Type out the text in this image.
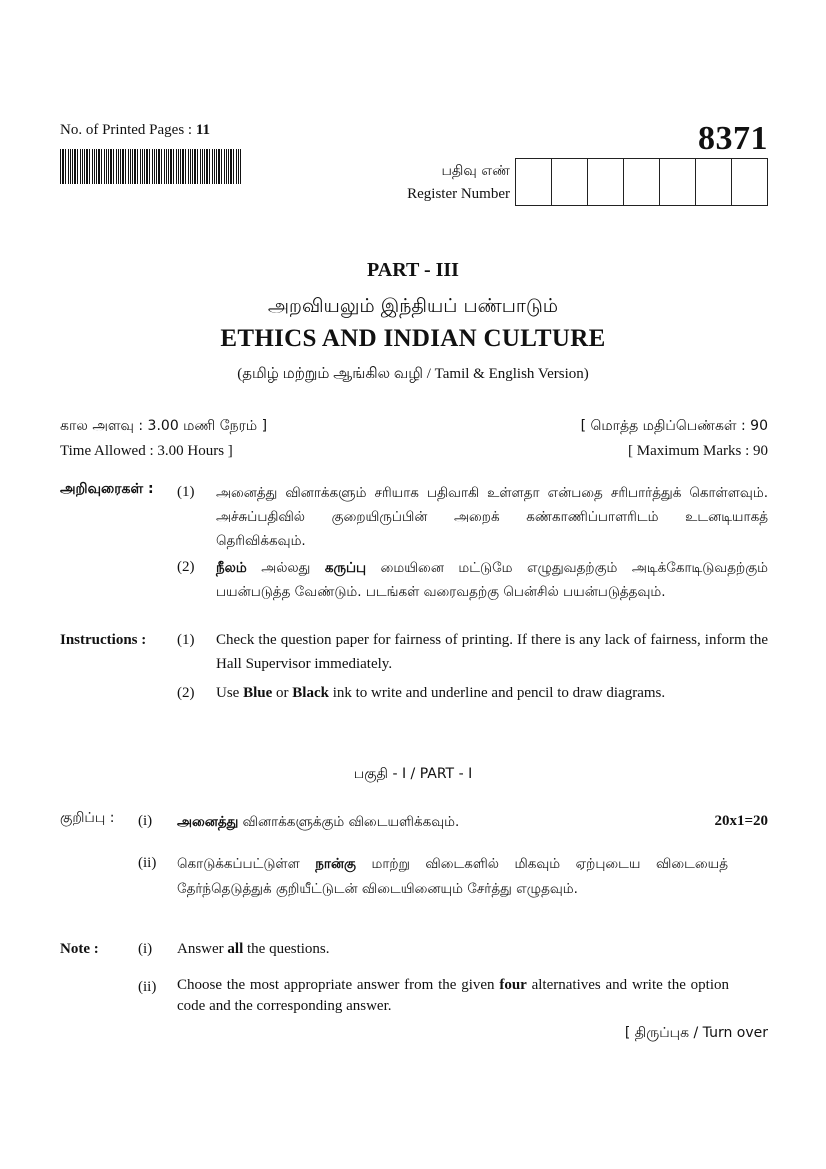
No. of Printed Pages : 11	8371
பதிவு எண்
Register Number
PART - III
அறவியலும் இந்தியப் பண்பாடும்
ETHICS AND INDIAN CULTURE
(தமிழ் மற்றும் ஆங்கில வழி / Tamil & English Version)
கால அளவு : 3.00 மணி நேரம் ]
Time Allowed : 3.00 Hours ]
[ மொத்த மதிப்பெண்கள் : 90
[ Maximum Marks : 90
அறிவுரைகள் : (1) அனைத்து வினாக்களும் சரியாக பதிவாகி உள்ளதா என்பதை சரிபார்த்துக் கொள்ளவும். அச்சுப்பதிவில் குறையிருப்பின் அறைக் கண்காணிப்பாளரிடம் உடனடியாகத் தெரிவிக்கவும்.
(2) நீலம் அல்லது கருப்பு மையினை மட்டுமே எழுதுவதற்கும் அடிக்கோடிடுவதற்கும் பயன்படுத்த வேண்டும். படங்கள் வரைவதற்கு பென்சில் பயன்படுத்தவும்.
Instructions : (1) Check the question paper for fairness of printing. If there is any lack of fairness, inform the Hall Supervisor immediately.
(2) Use Blue or Black ink to write and underline and pencil to draw diagrams.
பகுதி - I / PART - I
குறிப்பு : (i) அனைத்து வினாக்களுக்கும் விடையளிக்கவும்.	20x1=20
(ii) கொடுக்கப்பட்டுள்ள நான்கு மாற்று விடைகளில் மிகவும் ஏற்புடைய விடையைத் தேர்ந்தெடுத்துக் குறியீட்டுடன் விடையினையும் சேர்த்து எழுதவும்.
Note :	(i) Answer all the questions.
(ii) Choose the most appropriate answer from the given four alternatives and write the option code and the corresponding answer.
[ திருப்புக / Turn over
